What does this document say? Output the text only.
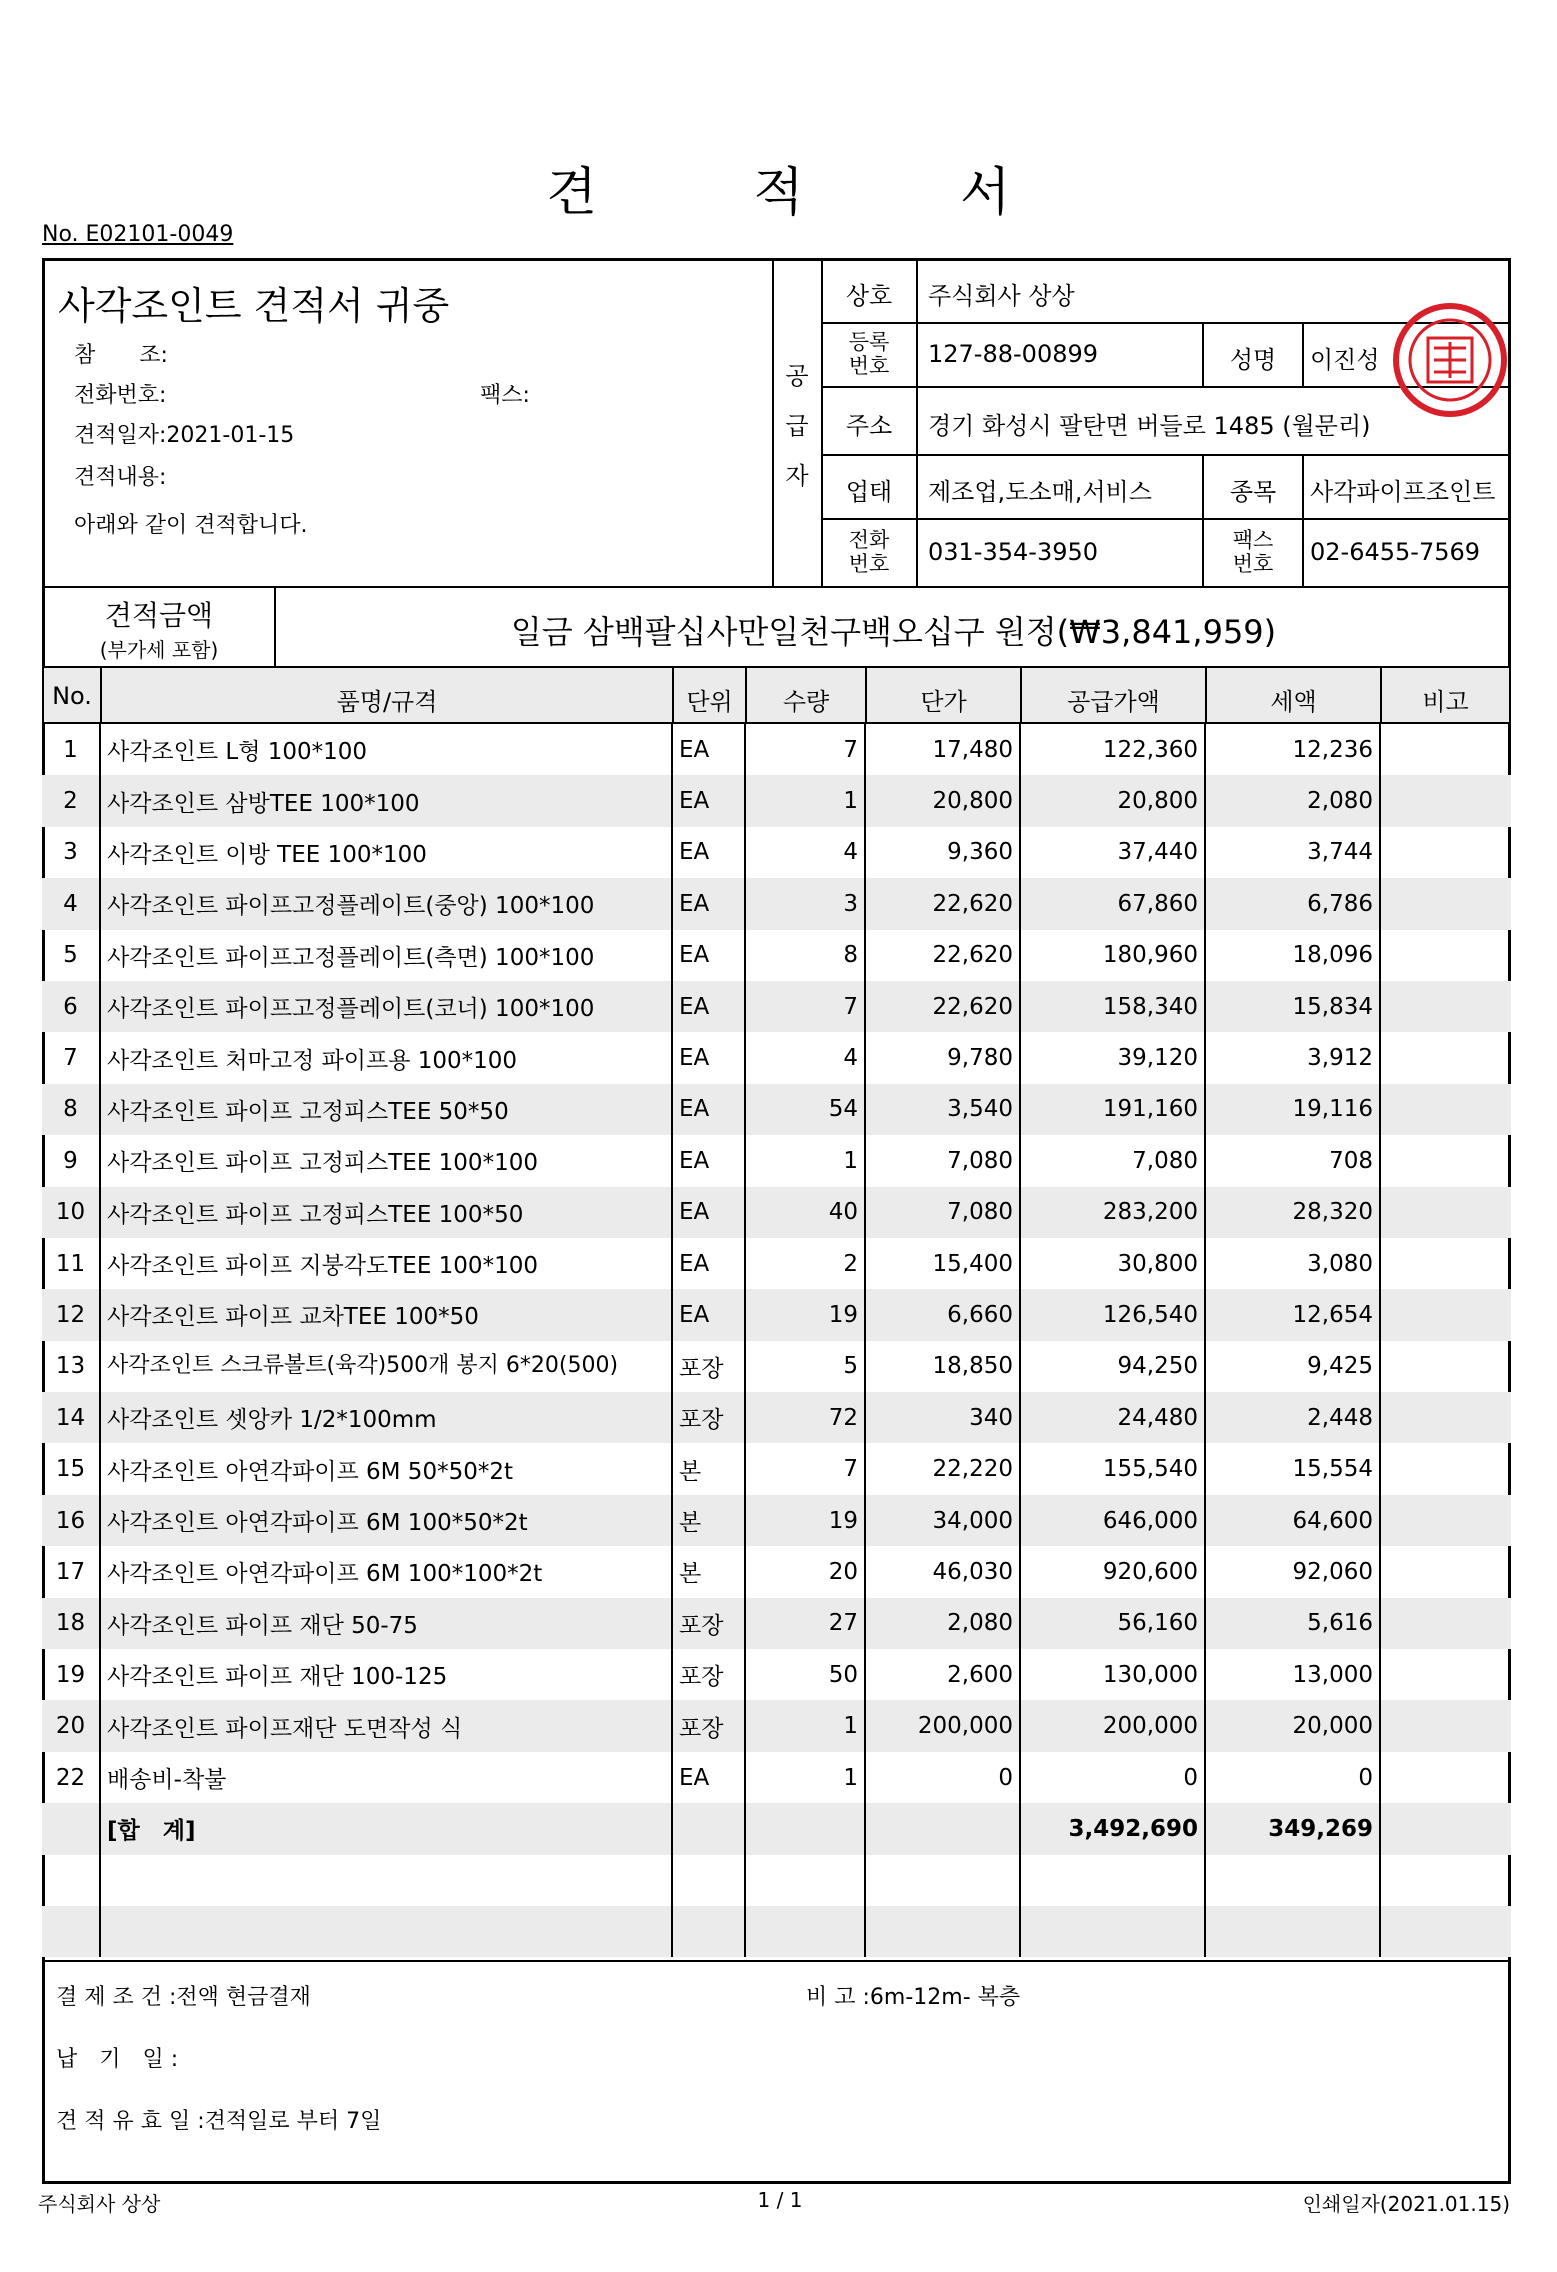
견 적 서
No. E02101-0049
사각조인트 견적서 귀중
참　　조:
전화번호:	팩스:
견적일자:2021-01-15
견적내용:
아래와 같이 견적합니다.
공
급
자
상호	주식회사 상상
등록
번호	127-88-00899	성명	이진성
주소	경기 화성시 팔탄면 버들로 1485 (월문리)
업태	제조업,도소매,서비스	종목	사각파이프조인트
전화
번호	031-354-3950	팩스
번호	02-6455-7569
견적금액
(부가세 포함)	일금 삼백팔십사만일천구백오십구 원정(₩3,841,959)
No.	품명/규격	단위	수량	단가	공급가액	세액	비고
1	사각조인트 L형 100*100	EA	7	17,480	122,360	12,236	
2	사각조인트 삼방TEE 100*100	EA	1	20,800	20,800	2,080	
3	사각조인트 이방 TEE 100*100	EA	4	9,360	37,440	3,744	
4	사각조인트 파이프고정플레이트(중앙) 100*100	EA	3	22,620	67,860	6,786	
5	사각조인트 파이프고정플레이트(측면) 100*100	EA	8	22,620	180,960	18,096	
6	사각조인트 파이프고정플레이트(코너) 100*100	EA	7	22,620	158,340	15,834	
7	사각조인트 처마고정 파이프용 100*100	EA	4	9,780	39,120	3,912	
8	사각조인트 파이프 고정피스TEE 50*50	EA	54	3,540	191,160	19,116	
9	사각조인트 파이프 고정피스TEE 100*100	EA	1	7,080	7,080	708	
10	사각조인트 파이프 고정피스TEE 100*50	EA	40	7,080	283,200	28,320	
11	사각조인트 파이프 지붕각도TEE 100*100	EA	2	15,400	30,800	3,080	
12	사각조인트 파이프 교차TEE 100*50	EA	19	6,660	126,540	12,654	
13	사각조인트 스크류볼트(육각)500개 봉지 6*20(500)	포장	5	18,850	94,250	9,425	
14	사각조인트 셋앙카 1/2*100mm	포장	72	340	24,480	2,448	
15	사각조인트 아연각파이프 6M 50*50*2t	본	7	22,220	155,540	15,554	
16	사각조인트 아연각파이프 6M 100*50*2t	본	19	34,000	646,000	64,600	
17	사각조인트 아연각파이프 6M 100*100*2t	본	20	46,030	920,600	92,060	
18	사각조인트 파이프 재단 50-75	포장	27	2,080	56,160	5,616	
19	사각조인트 파이프 재단 100-125	포장	50	2,600	130,000	13,000	
20	사각조인트 파이프재단 도면작성 식	포장	1	200,000	200,000	20,000	
22	배송비-착불	EA	1	0	0	0	
	[합　계]				3,492,690	349,269	

결 제 조 건 :전액 현금결재	비 고 :6m-12m- 복층
납　기　일 :
견 적 유 효 일 :견적일로 부터 7일
주식회사 상상	1 / 1	인쇄일자(2021.01.15)
